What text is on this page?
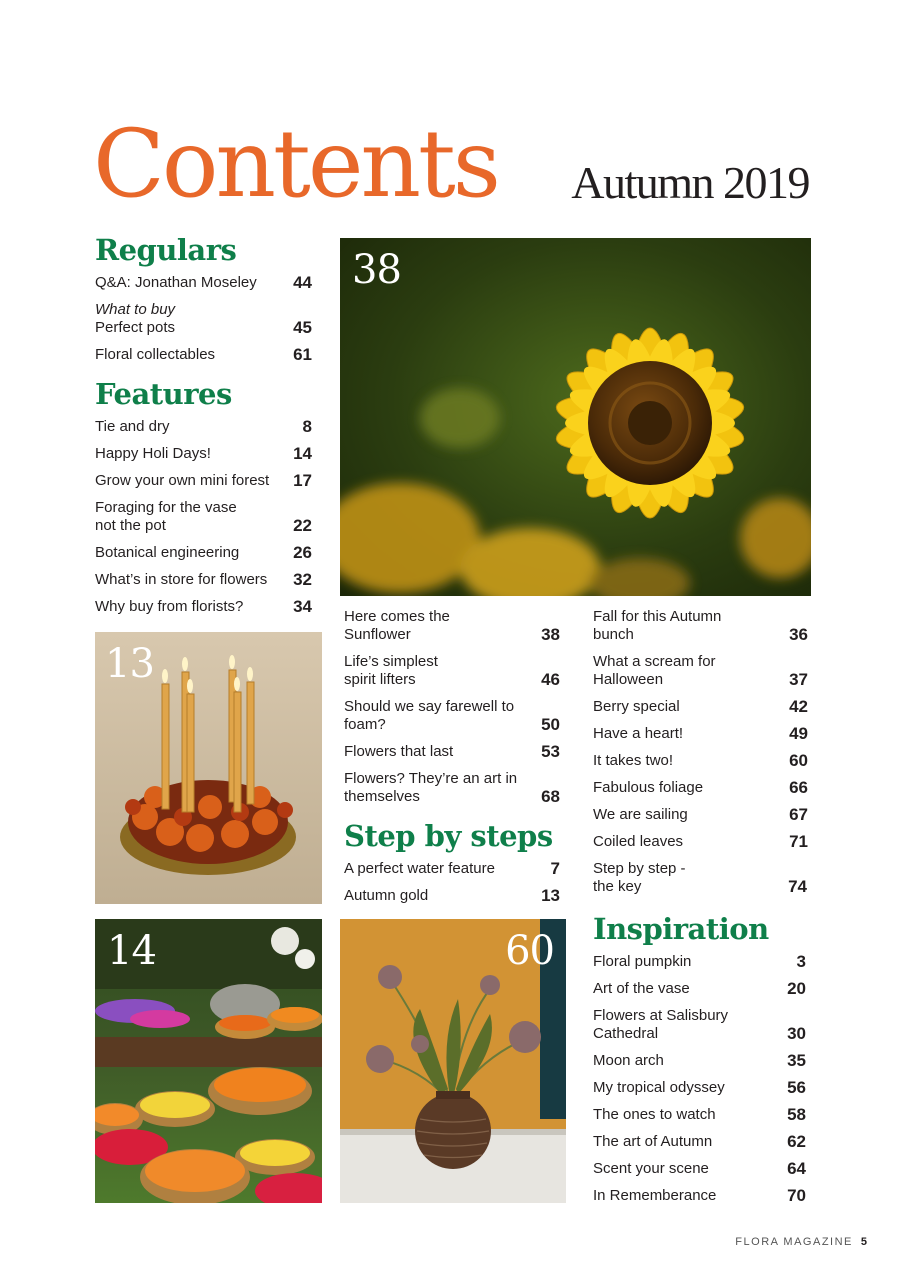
Contents Autumn 2019
Regulars
Q&A: Jonathan Moseley	44
What to buy
Perfect pots	45
Floral collectables	61
Features
Tie and dry	8
Happy Holi Days!	14
Grow your own mini forest	17
Foraging for the vase not the pot	22
Botanical engineering	26
What’s in store for flowers	32
Why buy from florists?	34
38
13
Here comes the Sunflower	38
Life’s simplest spirit lifters	46
Should we say farewell to foam?	50
Flowers that last	53
Flowers? They’re an art in themselves	68
Step by steps
A perfect water feature	7
Autumn gold	13
Fall for this Autumn bunch	36
What a scream for Halloween	37
Berry special	42
Have a heart!	49
It takes two!	60
Fabulous foliage	66
We are sailing	67
Coiled leaves	71
Step by step - the key	74
Inspiration
Floral pumpkin	3
Art of the vase	20
Flowers at Salisbury Cathedral	30
Moon arch	35
My tropical odyssey	56
The ones to watch	58
The art of Autumn	62
Scent your scene	64
In Rememberance	70
14	60
FLORA MAGAZINE 5
